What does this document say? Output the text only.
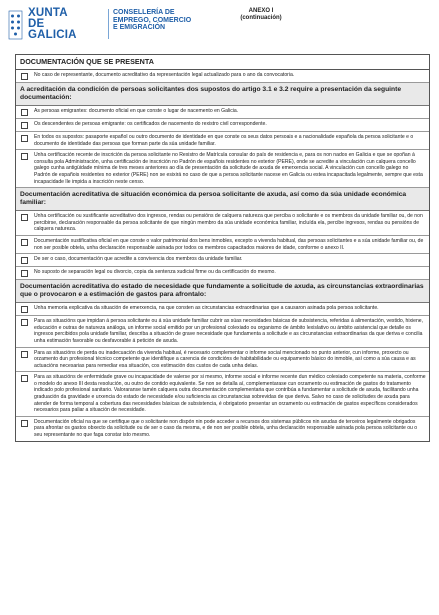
XUNTA
DE GALICIA
CONSELLERÍA DE
EMPREGO, COMERCIO
E EMIGRACIÓN
ANEXO I
(continuación)
DOCUMENTACIÓN QUE SE PRESENTA
No caso de representante, documento acreditativo da representación legal actualizado para o ano da convocatoria.
A acreditación da condición de persoas solicitantes dos supostos do artigo 3.1 e 3.2 require a presentación da seguinte documentación:
As persoas emigrantes: documento oficial en que conste o lugar de nacemento en Galicia.
Os descendentes de persoas emigrante: os certificados de nacemento do rexistro civil correspondente.
En todos os supostos: pasaporte español ou outro documento de identidade en que conste os seus datos persoais e a nacionalidade española da persoa solicitante e o documento de identidade das persoas que forman parte da súa unidade familiar.
Unha certificación recente de inscrición da persoa solicitante no Rexistro de Matrícula consular do país de residencia e, para os non nados en Galicia e que se opoñan á consulta pola Administración, unha certificación de inscrición no Padrón de españois residentes no exterior (PERE), onde se acredite a vinculación cun calquera concello galego cunha antigüidade mínima de tres meses anteriores ao día de presentación da solicitude de axuda de emerxencia social. A vinculación cun concello galego no Padrón de españois residentes no exterior (PERE) non se esixirá no caso de que a persoa solicitante nacese en Galicia ou estea incapacitada legalmente, sempre que esta incapacidade lle impida a inscrición neste censo.
Documentación acreditativa de situación económica da persoa solicitante de axuda, así como da súa unidade económica familiar:
Unha certificación ou xustificante acreditativo dos ingresos, rendas ou pensións de calquera natureza que perciba o solicitante e os membros da unidade familiar ou, de non percibirse, declaración responsable da persoa solicitante de que ningún membro da súa unidade económica familiar, incluída ela, percibe ingresos, rendas ou pensións de calquera natureza.
Documentación xustificativa oficial en que conste o valor patrimonial dos bens inmobles, excepto a vivenda habitual, das persoas solicitantes e a súa unidade familiar ou, de non ser posible obtela, unha declaración responsable asinada por todos os membros capacitados maiores de idade, conforme o anexo II.
De ser o caso, documentación que acredite a convivencia dos membros da unidade familiar.
No suposto de separación legal ou divorcio, copia da sentenza xudicial firme ou da certificación do mesmo.
Documentación acreditativa do estado de necesidade que fundamente a solicitude de axuda, as circunstancias extraordinarias que o provocaron e a estimación de gastos para afrontalo:
Unha memoria explicativa da situación de emerxencia, na que consten as circunstancias extraordinarias que a causaron asinada pola persoa solicitante.
Para as situacións que impidan á persoa solicitante ou á súa unidade familiar cubrir as súas necesidades básicas de subsistencia, referidas á alimentación, vestido, hixiene, educación e outras de natureza análoga, un informe social emitido por un profesional colexiado ou organismo de ámbito lexislativo ou ámbito asistencial que detalle os ingresos percibidos pola unidade familiar, describa a situación de grave necesidade que fundamenta a solicitude e as circunstancias extraordinarias da que deriva e concilia unha estimación favorable ou desfavorable á petición de axuda.
Para as situacións de perda ou inadecuación da vivenda habitual, é necesario complementar o informe social mencionado no punto anterior, cun informe, proxecto ou orzamento dun profesional técnico competente que identifique a carencia de condicións de habitabilidade ou equipamento básico do inmoble, así como a súa causa e as actuacións necesarias para remediar esa situación, cos estimación dos custos de cada unha delas.
Para as situacións de enfermidade grave ou incapacidade de valerse por si mesmo, informe social e informe recente dun médico colexiado competente na materia, conforme o modelo do anexo III desta resolución, ou outro de contido equivalente. Se non se detalla aí, complementarase cun orzamento ou estimación de gastos do tratamento indicado polo profesional sanitario. Valoraranse tamén calquera outra documentación complementaria que contribúa a fundamentar a solicitude de axuda, facilitando unha graduación da gravidade e urxencia do estado de necesidade e/ou suficiencia as circunstancias sobrevidas de que deriva. Salvo no caso de solicitudes de axuda para atender de forma temporal a cobertura das necesidades básicas de subsistencia, é obrigatorio presentar un orzamento ou estimación de gastos específicos considerados necesarios para paliar a situación de necesidade.
Documentación oficial na que se certifique que o solicitante non dispón nin pode acceder a recursos dos sistemas públicos nin axudas de terceiros legalmente obrigados para afrontar os gastos obxecto da solicitude ou de ser o caso da mesma, e de non ser posible obtela, unha declaración responsable asinada pola persoa solicitante ou o seu representante no que faga constar isto mesmo.
